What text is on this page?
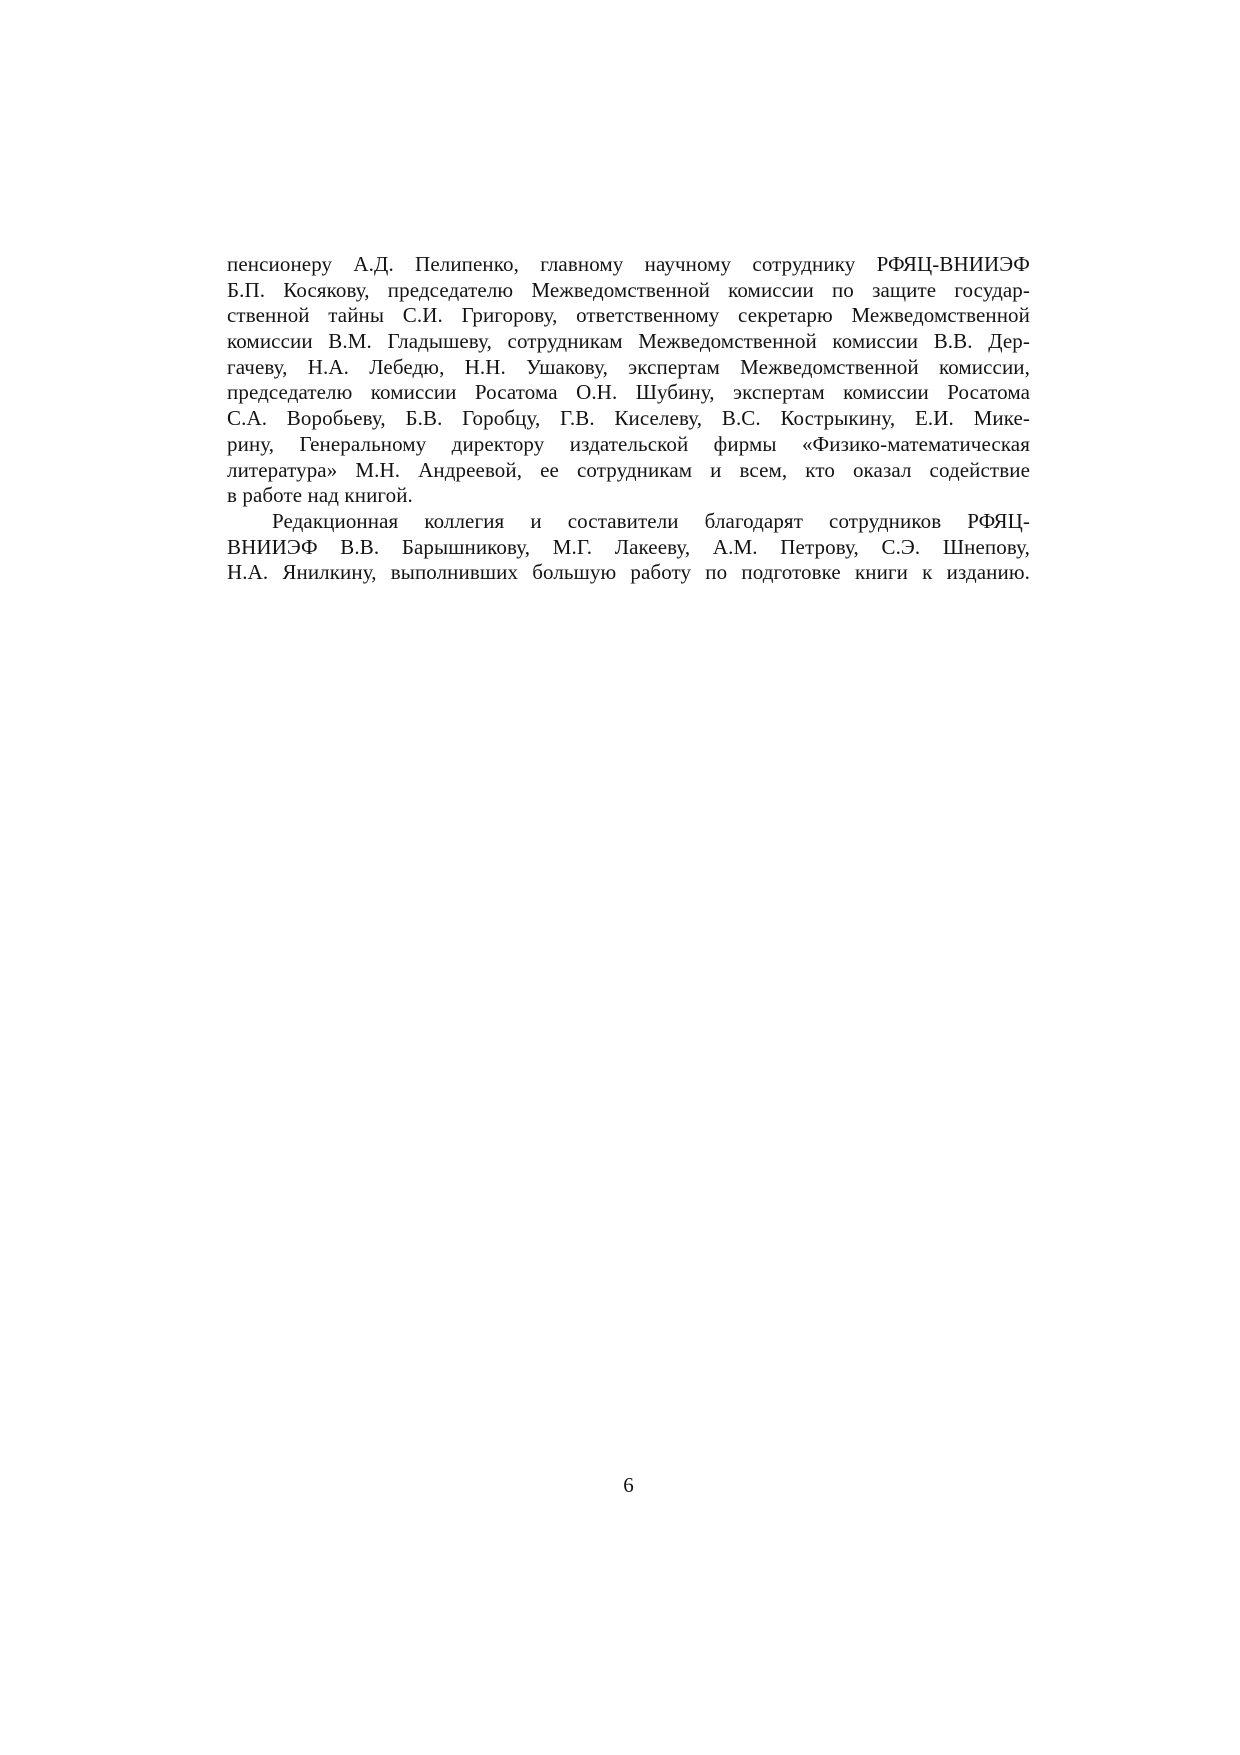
пенсионеру А.Д. Пелипенко, главному научному сотруднику РФЯЦ-ВНИИЭФ
Б.П. Косякову, председателю Межведомственной комиссии по защите государ-
ственной тайны С.И. Григорову, ответственному секретарю Межведомственной
комиссии В.М. Гладышеву, сотрудникам Межведомственной комиссии В.В. Дер-
гачеву, Н.А. Лебедю, Н.Н. Ушакову, экспертам Межведомственной комиссии,
председателю комиссии Росатома О.Н. Шубину, экспертам комиссии Росатома
С.А. Воробьеву, Б.В. Горобцу, Г.В. Киселеву, В.С. Кострыкину, Е.И. Мике-
рину, Генеральному директору издательской фирмы «Физико-математическая
литература» М.Н. Андреевой, ее сотрудникам и всем, кто оказал содействие
в работе над книгой.
Редакционная коллегия и составители благодарят сотрудников РФЯЦ-
ВНИИЭФ В.В. Барышникову, М.Г. Лакееву, А.М. Петрову, С.Э. Шнепову,
Н.А. Янилкину, выполнивших большую работу по подготовке книги к изданию.
6
